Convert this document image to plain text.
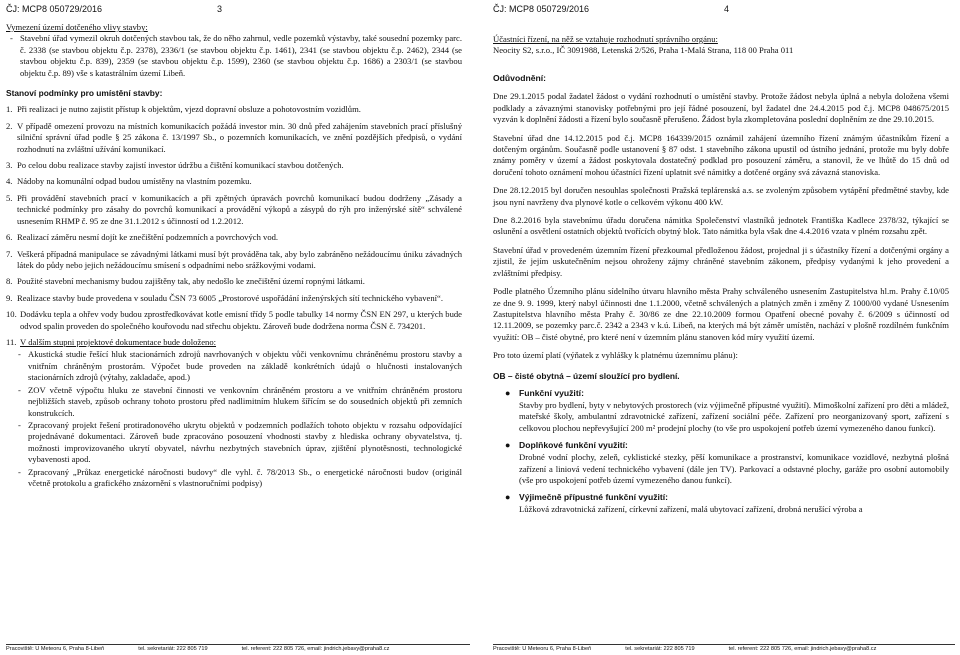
ČJ: MCP8 050729/2016	3
Vymezení území dotčeného vlivy stavby:
- Stavební úřad vymezil okruh dotčených stavbou tak, že do něho zahrnul, vedle pozemků výstavby, také sousední pozemky parc. č. 2338 (se stavbou objektu č.p. 2378), 2336/1 (se stavbou objektu č.p. 1461), 2341 (se stavbou objektu č.p. 2462), 2344 (se stavbou objektu č.p. 839), 2359 (se stavbou objektu č.p. 1599), 2360 (se stavbou objektu č.p. 1686) a 2303/1 (se stavbou objektu č.p. 89) vše s katastrálním území Libeň.
Stanoví podmínky pro umístění stavby:
1. Při realizaci je nutno zajistit přístup k objektům, vjezd dopravní obsluze a pohotovostním vozidlům.
2. V případě omezení provozu na místních komunikacích požádá investor min. 30 dnů před zahájením stavebních prací příslušný silniční správní úřad podle § 25 zákona č. 13/1997 Sb., o pozemních komunikacích, ve znění pozdějších předpisů, o vydání rozhodnutí na zvláštní užívání komunikací.
3. Po celou dobu realizace stavby zajistí investor údržbu a čištění komunikací stavbou dotčených.
4. Nádoby na komunální odpad budou umístěny na vlastním pozemku.
5. Při provádění stavebních prací v komunikacích a při zpětných úpravách povrchů komunikací budou dodrženy „Zásady a technické podmínky pro zásahy do povrchů komunikací a provádění výkopů a zásypů do rýh pro inženýrské sítě“ schválené usnesením RHMP č. 95 ze dne 31.1.2012 s účinností od 1.2.2012.
6. Realizací záměru nesmí dojít ke znečištění podzemních a povrchových vod.
7. Veškerá případná manipulace se závadnými látkami musí být prováděna tak, aby bylo zabráněno nežádoucímu úniku závadných látek do půdy nebo jejich nežádoucímu smísení s odpadními nebo srážkovými vodami.
8. Použité stavební mechanismy budou zajištěny tak, aby nedošlo ke znečištění území ropnými látkami.
9. Realizace stavby bude provedena v souladu ČSN 73 6005 „Prostorové uspořádání inženýrských sítí technického vybavení“.
10. Dodávku tepla a ohřev vody budou zprostředkovávat kotle emisní třídy 5 podle tabulky 14 normy ČSN EN 297, u kterých bude odvod spalin proveden do společného kouřovodu nad střechu objektu. Zároveň bude dodržena norma ČSN č. 734201.
11. V dalším stupni projektové dokumentace bude doloženo:
- Akustická studie řešící hluk stacionárních zdrojů navrhovaných v objektu vůči venkovnímu chráněnému prostoru stavby a vnitřním chráněným prostorám. Výpočet bude proveden na základě konkrétních údajů o hlučnosti instalovaných stacionárních zdrojů (výtahy, zakladače, apod.)
- ZOV včetně výpočtu hluku ze stavební činnosti ve venkovním chráněném prostoru a ve vnitřním chráněném prostoru nejbližších staveb, způsob ochrany tohoto prostoru před nadlimitním hlukem šířícím se do sousedních objektů při zemních konstrukcích.
- Zpracovaný projekt řešení protiradonového ukrytu objektů v podzemních podlažích tohoto objektu v rozsahu odpovídající projednávané dokumentaci. Zároveň bude zpracováno posouzení vhodnosti stavby z hlediska ochrany obyvatelstva, tj. možnosti improvizovaného ukrytí obyvatel, návrhu nezbytných stavebních úprav, zjištění plynotěsnosti, technologické vybavenosti apod.
- Zpracovaný „Průkaz energetické náročnosti budovy“ dle vyhl. č. 78/2013 Sb., o energetické náročnosti budov (originál včetně protokolu a grafického znázornění s vlastnoručními podpisy)
Pracoviště: U Meteoru 6, Praha 8-Libeň	tel. sekretariát: 222 805 719	tel. referent: 222 805 726, email: jindrich.jebavy@praha8.cz
ČJ: MCP8 050729/2016	4
Účastníci řízení, na něž se vztahuje rozhodnutí správního orgánu:
Neocity S2, s.r.o., IČ 3091988, Letenská 2/526, Praha 1-Malá Strana, 118 00 Praha 011
Odůvodnění:

Dne 29.1.2015 podal žadatel žádost o vydání rozhodnutí o umístění stavby. Protože žádost nebyla úplná a nebyla doložena všemi podklady a závaznými stanovisky potřebnými pro její řádné posouzení, byl žadatel dne 24.4.2015 pod č.j. MCP8 048675/2015 vyzván k doplnění žádosti a řízení bylo současně přerušeno. Žádost byla zkompletována poslední doplněním ze dne 29.10.2015.

Stavební úřad dne 14.12.2015 pod č.j. MCP8 164339/2015 oznámil zahájení územního řízení známým účastníkům řízení a dotčeným orgánům. Současně podle ustanovení § 87 odst. 1 stavebního zákona upustil od ústního jednání, protože mu byly dobře známy poměry v území a žádost poskytovala dostatečný podklad pro posouzení záměru, a stanovil, že ve lhůtě do 15 dnů od doručení tohoto oznámení mohou účastníci řízení uplatnit své námitky a dotčené orgány svá závazná stanoviska.

Dne 28.12.2015 byl doručen nesouhlas společnosti Pražská teplárenská a.s. se zvoleným způsobem vytápění předmětné stavby, kde jsou nyní navrženy dva plynové kotle o celkovém výkonu 400 kW.

Dne 8.2.2016 byla stavebnímu úřadu doručena námitka Společenství vlastníků jednotek Františka Kadlece 2378/32, týkající se oslunění a osvětlení ostatních objektů tvořících obytný blok. Tato námitka byla však dne 4.4.2016 vzata v plném rozsahu zpět.

Stavební úřad v provedeném územním řízení přezkoumal předloženou žádost, projednal ji s účastníky řízení a dotčenými orgány a zjistil, že jejím uskutečněním nejsou ohroženy zájmy chráněné stavebním zákonem, předpisy vydanými k jeho provedení a zvláštními předpisy.

Podle platného Územního plánu sídelního útvaru hlavního města Prahy schváleného usnesením Zastupitelstva hl.m. Prahy č.10/05 ze dne 9. 9. 1999, který nabyl účinnosti dne 1.1.2000, včetně schválených a platných změn i změny Z 1000/00 vydané Usnesením Zastupitelstva hlavního města Prahy č. 30/86 ze dne 22.10.2009 formou Opatření obecné povahy č. 6/2009 s účinností od 12.11.2009, se pozemky parc.č. 2342 a 2343 v k.ú. Libeň, na kterých má být záměr umístěn, nachází v plošně rozdílném funkčním využití: OB – čisté obytné, pro které není v územním plánu stanoven kód míry využití území.

Pro toto území platí (výňatek z vyhlášky k platnému územnímu plánu):

OB – čisté obytná – území sloužící pro bydlení.
● Funkční využití:

Stavby pro bydlení, byty v nebytových prostorech (viz výjimečně přípustné využití). Mimoškolní zařízení pro děti a mládež, mateřské školy, ambulantní zdravotnické zařízení, zařízení sociální péče. Zařízení pro neorganizovaný sport, zařízení s celkovou plochou nepřevyšující 200 m² prodejní plochy (to vše pro uspokojení potřeb území vymezeného danou funkcí).

● Doplňkové funkční využití:

Drobné vodní plochy, zeleň, cyklistické stezky, pěší komunikace a prostranství, komunikace vozidlové, nezbytná plošná zařízení a liniová vedení technického vybavení (dále jen TV). Parkovací a odstavné plochy, garáže pro osobní automobily (vše pro uspokojení potřeb území vymezeného danou funkcí).

● Výjimečně přípustné funkční využití:

Lůžková zdravotnická zařízení, církevní zařízení, malá ubytovací zařízení, drobná nerušící výroba a

Pracoviště: U Meteoru 6, Praha 8-Libeň	tel. sekretariát: 222 805 719	tel. referent: 222 805 726, email: jindrich.jebavy@praha8.cz
